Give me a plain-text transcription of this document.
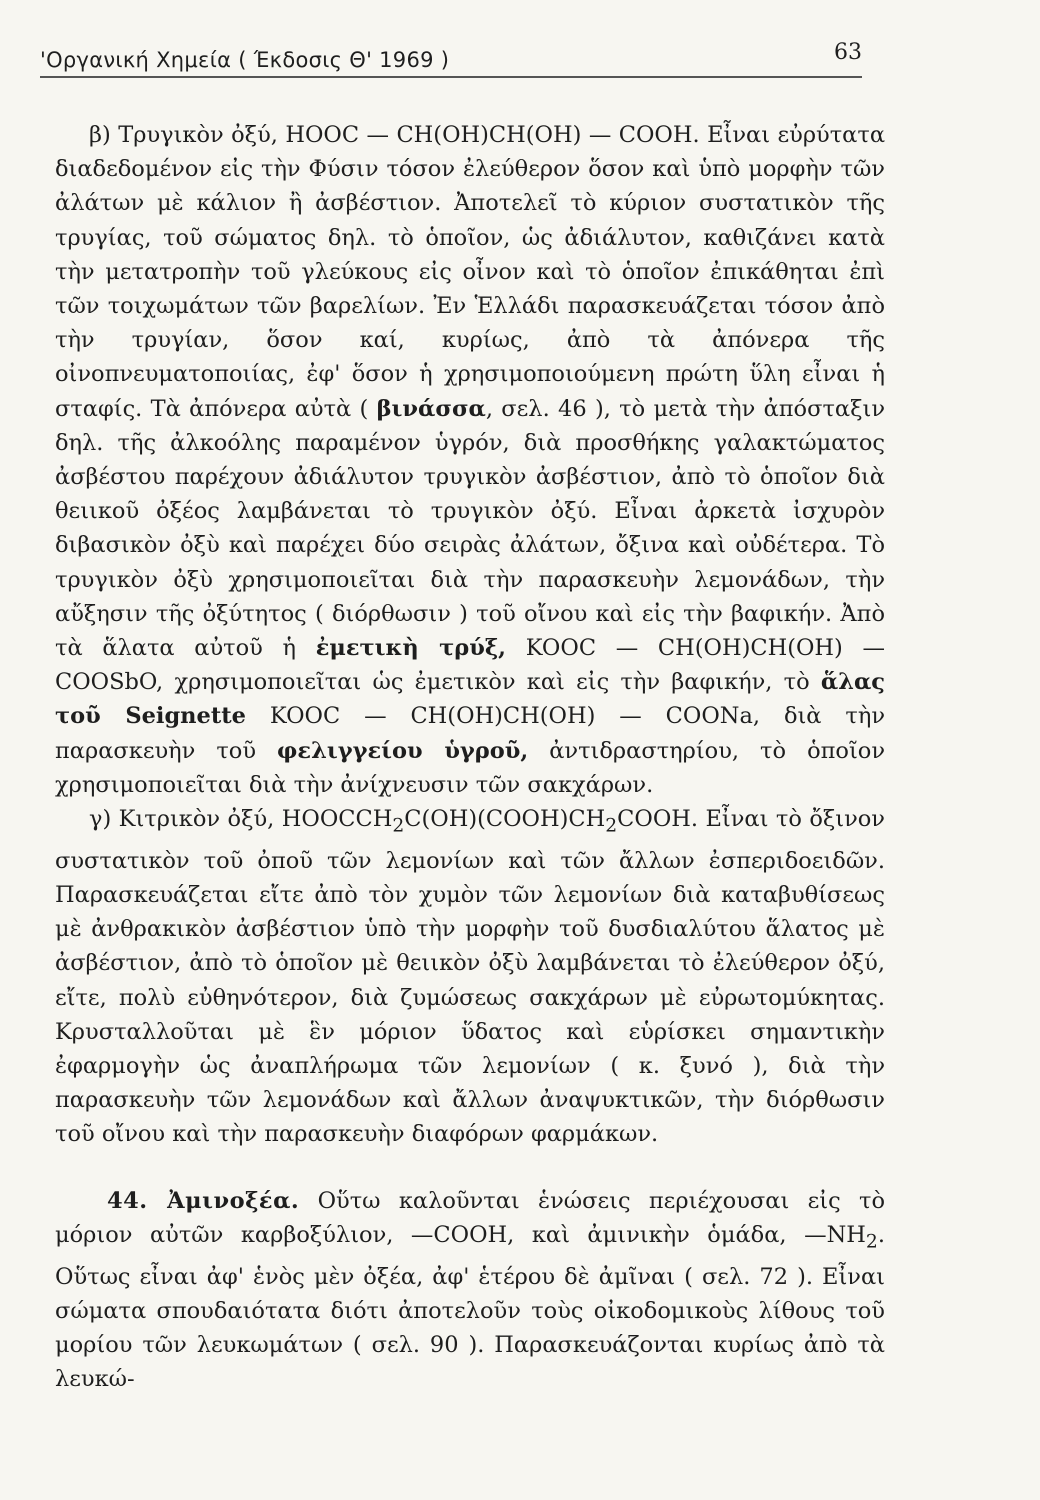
'Οργανική Χημεία ( Έκδοσις Θ' 1969 )	63

β) Τρυγικὸν ὀξύ, HOOC — CH(OH)CH(OH) — COOH. Εἶναι εὐρύτατα διαδεδομένον εἰς τὴν Φύσιν τόσον ἐλεύθερον ὅσον καὶ ὑπὸ μορφὴν τῶν ἀλάτων μὲ κάλιον ἢ ἀσβέστιον. Ἀποτελεῖ τὸ κύριον συστατικὸν τῆς τρυγίας, τοῦ σώματος δηλ. τὸ ὁποῖον, ὡς ἀδιάλυτον, καθιζάνει κατὰ τὴν μετατροπὴν τοῦ γλεύκους εἰς οἶνον καὶ τὸ ὁποῖον ἐπικάθηται ἐπὶ τῶν τοιχωμάτων τῶν βαρελίων. Ἐν Ἑλλάδι παρασκευάζεται τόσον ἀπὸ τὴν τρυγίαν, ὅσον καί, κυρίως, ἀπὸ τὰ ἀπόνερα τῆς οἰνοπνευματοποιίας, ἐφ' ὅσον ἡ χρησιμοποιούμενη πρώτη ὕλη εἶναι ἡ σταφίς. Τὰ ἀπόνερα αὐτὰ ( βινάσσα, σελ. 46 ), τὸ μετὰ τὴν ἀπόσταξιν δηλ. τῆς ἀλκοόλης παραμένον ὑγρόν, διὰ προσθήκης γαλακτώματος ἀσβέστου παρέχουν ἀδιάλυτον τρυγικὸν ἀσβέστιον, ἀπὸ τὸ ὁποῖον διὰ θειικοῦ ὀξέος λαμβάνεται τὸ τρυγικὸν ὀξύ. Εἶναι ἀρκετὰ ἰσχυρὸν διβασικὸν ὀξὺ καὶ παρέχει δύο σειρὰς ἀλάτων, ὄξινα καὶ οὐδέτερα. Τὸ τρυγικὸν ὀξὺ χρησιμοποιεῖται διὰ τὴν παρασκευὴν λεμονάδων, τὴν αὔξησιν τῆς ὀξύτητος ( διόρθωσιν ) τοῦ οἴνου καὶ εἰς τὴν βαφικήν. Ἀπὸ τὰ ἅλατα αὐτοῦ ἡ ἐμετικὴ τρύξ, KOOC — CH(OH)CH(OH) — COOSbO, χρησιμοποιεῖται ὡς ἐμετικὸν καὶ εἰς τὴν βαφικήν, τὸ ἅλας τοῦ Seignette KOOC — CH(OH)CH(OH) — COONa, διὰ τὴν παρασκευὴν τοῦ φελιγγείου ὑγροῦ, ἀντιδραστηρίου, τὸ ὁποῖον χρησιμοποιεῖται διὰ τὴν ἀνίχνευσιν τῶν σακχάρων.

γ) Κιτρικὸν ὀξύ, $HOOCCH_2C(OH)(COOH)CH_2COOH$. Εἶναι τὸ ὄξινον συστατικὸν τοῦ ὀποῦ τῶν λεμονίων καὶ τῶν ἄλλων ἐσπεριδοειδῶν. Παρασκευάζεται εἴτε ἀπὸ τὸν χυμὸν τῶν λεμονίων διὰ καταβυθίσεως μὲ ἀνθρακικὸν ἀσβέστιον ὑπὸ τὴν μορφὴν τοῦ δυσδιαλύτου ἅλατος μὲ ἀσβέστιον, ἀπὸ τὸ ὁποῖον μὲ θειικὸν ὀξὺ λαμβάνεται τὸ ἐλεύθερον ὀξύ, εἴτε, πολὺ εὐθηνότερον, διὰ ζυμώσεως σακχάρων μὲ εὐρωτομύκητας. Κρυσταλλοῦται μὲ ἓν μόριον ὕδατος καὶ εὑρίσκει σημαντικὴν ἐφαρμογὴν ὡς ἀναπλήρωμα τῶν λεμονίων ( κ. ξυνό ), διὰ τὴν παρασκευὴν τῶν λεμονάδων καὶ ἄλλων ἀναψυκτικῶν, τὴν διόρθωσιν τοῦ οἴνου καὶ τὴν παρασκευὴν διαφόρων φαρμάκων.

44. Ἀμινοξέα. Οὕτω καλοῦνται ἑνώσεις περιέχουσαι εἰς τὸ μόριον αὐτῶν καρβοξύλιον, —COOH, καὶ ἀμινικὴν ὁμάδα, $—NH_2$. Οὕτως εἶναι ἀφ' ἑνὸς μὲν ὀξέα, ἀφ' ἑτέρου δὲ ἀμῖναι ( σελ. 72 ). Εἶναι σώματα σπουδαιότατα διότι ἀποτελοῦν τοὺς οἰκοδομικοὺς λίθους τοῦ μορίου τῶν λευκωμάτων ( σελ. 90 ). Παρασκευάζονται κυρίως ἀπὸ τὰ λευκώ-
